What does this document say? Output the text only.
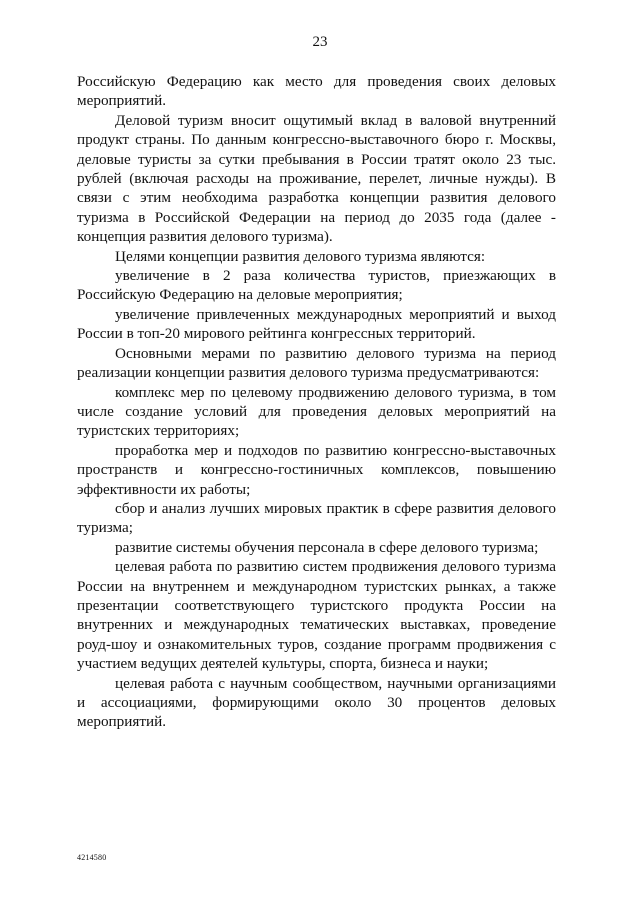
23

Российскую Федерацию как место для проведения своих деловых мероприятий.

Деловой туризм вносит ощутимый вклад в валовой внутренний продукт страны. По данным конгрессно-выставочного бюро г. Москвы, деловые туристы за сутки пребывания в России тратят около 23 тыс. рублей (включая расходы на проживание, перелет, личные нужды). В связи с этим необходима разработка концепции развития делового туризма в Российской Федерации на период до 2035 года (далее - концепция развития делового туризма).

Целями концепции развития делового туризма являются:

увеличение в 2 раза количества туристов, приезжающих в Российскую Федерацию на деловые мероприятия;

увеличение привлеченных международных мероприятий и выход России в топ-20 мирового рейтинга конгрессных территорий.

Основными мерами по развитию делового туризма на период реализации концепции развития делового туризма предусматриваются:

комплекс мер по целевому продвижению делового туризма, в том числе создание условий для проведения деловых мероприятий на туристских территориях;

проработка мер и подходов по развитию конгрессно-выставочных пространств и конгрессно-гостиничных комплексов, повышению эффективности их работы;

сбор и анализ лучших мировых практик в сфере развития делового туризма;

развитие системы обучения персонала в сфере делового туризма;

целевая работа по развитию систем продвижения делового туризма России на внутреннем и международном туристских рынках, а также презентации соответствующего туристского продукта России на внутренних и международных тематических выставках, проведение роуд-шоу и ознакомительных туров, создание программ продвижения с участием ведущих деятелей культуры, спорта, бизнеса и науки;

целевая работа с научным сообществом, научными организациями и ассоциациями, формирующими около 30 процентов деловых мероприятий.

4214580
